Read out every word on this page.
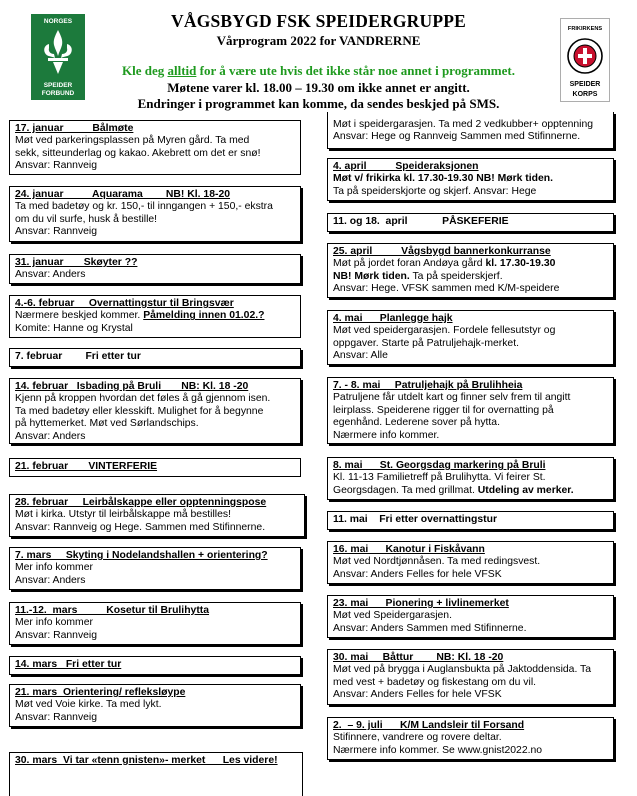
NORGES
SPEIDER
FORBUND
FRIKIRKENS
SPEIDER
KORPS
VÅGSBYGD FSK SPEIDERGRUPPE
Vårprogram 2022 for VANDRERNE
Kle deg alltid for å være ute hvis det ikke står noe annet i programmet.
Møtene varer kl. 18.00 – 19.30 om ikke annet er angitt.
Endringer i programmet kan komme, da sendes beskjed på SMS.
17. januar          Bålmøte
Møt ved parkeringsplassen på Myren gård. Ta med
sekk, sitteunderlag og kakao. Akebrett om det er snø!
Ansvar: Rannveig
24. januar          Aquarama        NB! Kl. 18-20
Ta med badetøy og kr. 150,- til inngangen + 150,- ekstra
om du vil surfe, husk å bestille!
Ansvar: Rannveig
31. januar       Skøyter ??
Ansvar: Anders
4.-6. februar     Overnattingstur til Bringsvær
Nærmere beskjed kommer. Påmelding innen 01.02.?
Komite: Hanne og Krystal
7. februar        Fri etter tur
14. februar   Isbading på Bruli       NB: Kl. 18 -20
Kjenn på kroppen hvordan det føles å gå gjennom isen.
Ta med badetøy eller klesskift. Mulighet for å begynne
på hyttemerket. Møt ved Sørlandschips.
Ansvar: Anders
21. februar       VINTERFERIE
28. februar     Leirbålskappe eller opptenningspose
Møt i kirka. Utstyr til leirbålskappe må bestilles!
Ansvar: Rannveig og Hege. Sammen med Stifinnerne.
7. mars     Skyting i Nodelandshallen + orientering?
Mer info kommer
Ansvar: Anders
11.-12.  mars          Kosetur til Brulihytta
Mer info kommer
Ansvar: Rannveig
14. mars   Fri etter tur
21. mars  Orientering/ refleksløype
Møt ved Voie kirke. Ta med lykt.
Ansvar: Rannveig
30. mars  Vi tar «tenn gnisten»- merket      Les videre!
Møt i speidergarasjen. Ta med 2 vedkubber+ opptenning
Ansvar: Hege og Rannveig Sammen med Stifinnerne.
4. april          Speideraksjonen
Møt v/ frikirka kl. 17.30-19.30 NB! Mørk tiden.
Ta på speiderskjorte og skjerf. Ansvar: Hege
11. og 18.  april            PÅSKEFERIE
25. april          Vågsbygd bannerkonkurranse
Møt på jordet foran Andøya gård kl. 17.30-19.30
NB! Mørk tiden. Ta på speiderskjerf.
Ansvar: Hege. VFSK sammen med K/M-speidere
4. mai      Planlegge hajk
Møt ved speidergarasjen. Fordele fellesutstyr og
oppgaver. Starte på Patruljehajk-merket.
Ansvar: Alle
7. - 8. mai     Patruljehajk på Brulihheia
Patruljene får utdelt kart og finner selv frem til angitt
leirplass. Speiderene rigger til for overnatting på
egenhånd. Lederene sover på hytta.
Nærmere info kommer.
8. mai      St. Georgsdag markering på Bruli
Kl. 11-13 Familietreff på Brulihytta. Vi feirer St.
Georgsdagen. Ta med grillmat. Utdeling av merker.
11. mai    Fri etter overnattingstur
16. mai      Kanotur i Fiskåvann
Møt ved Nordtjønnåsen. Ta med redingsvest.
Ansvar: Anders Felles for hele VFSK
23. mai      Pionering + livlinemerket
Møt ved Speidergarasjen.
Ansvar: Anders Sammen med Stifinnerne.
30. mai     Båttur        NB: Kl. 18 -20
Møt ved på brygga i Auglansbukta på Jaktoddensida. Ta
med vest + badetøy og fiskestang om du vil.
Ansvar: Anders Felles for hele VFSK
2.  – 9. juli      K/M Landsleir til Forsand
Stifinnere, vandrere og rovere deltar.
Nærmere info kommer. Se www.gnist2022.no
